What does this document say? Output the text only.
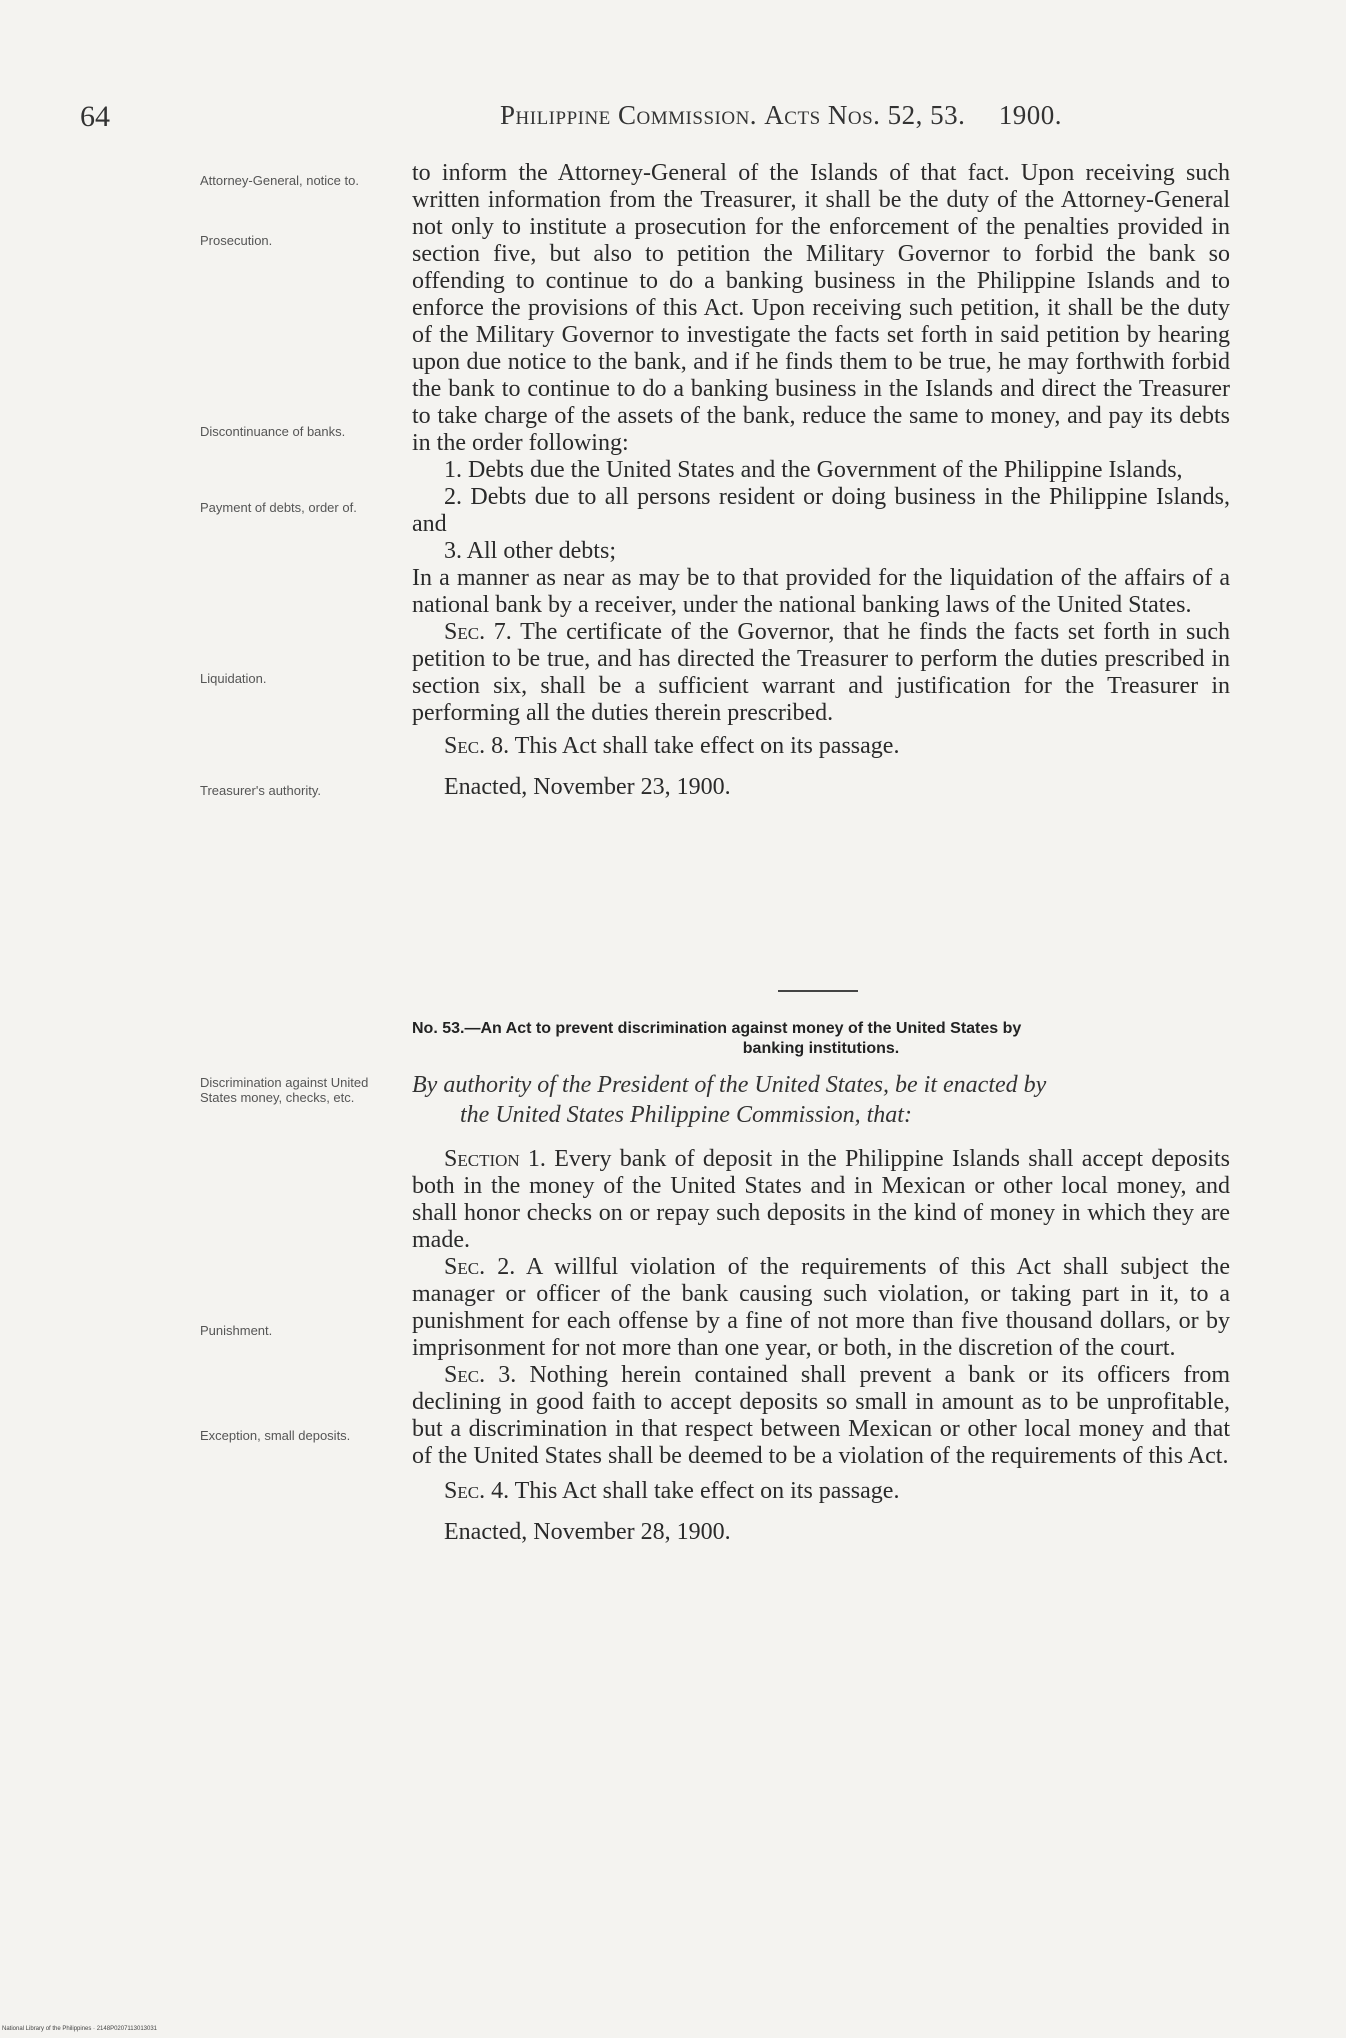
64	Philippine Commission. Acts Nos. 52, 53. 1900.
Attorney-General, notice to.
Prosecution.
Discontinuance of banks.
Payment of debts, order of.
Liquidation.
Treasurer's authority.

to inform the Attorney-General of the Islands of that fact. Upon receiving such written information from the Treasurer, it shall be the duty of the Attorney-General not only to institute a prosecution for the enforcement of the penalties provided in section five, but also to petition the Military Governor to forbid the bank so offending to continue to do a banking business in the Philippine Islands and to enforce the provisions of this Act. Upon receiving such petition, it shall be the duty of the Military Governor to investigate the facts set forth in said petition by hearing upon due notice to the bank, and if he finds them to be true, he may forthwith forbid the bank to continue to do a banking business in the Islands and direct the Treasurer to take charge of the assets of the bank, reduce the same to money, and pay its debts in the order following:

1. Debts due the United States and the Government of the Philippine Islands,

2. Debts due to all persons resident or doing business in the Philippine Islands, and

3. All other debts;

In a manner as near as may be to that provided for the liquidation of the affairs of a national bank by a receiver, under the national banking laws of the United States.

Sec. 7. The certificate of the Governor, that he finds the facts set forth in such petition to be true, and has directed the Treasurer to perform the duties prescribed in section six, shall be a sufficient warrant and justification for the Treasurer in performing all the duties therein prescribed.

Sec. 8. This Act shall take effect on its passage.

Enacted, November 23, 1900.

No. 53.—An Act to prevent discrimination against money of the United States by
banking institutions.
Discrimination against United States money, checks, etc.
Punishment.
Exception, small deposits.
By authority of the President of the United States, be it enacted by
the United States Philippine Commission, that:

Section 1. Every bank of deposit in the Philippine Islands shall accept deposits both in the money of the United States and in Mexican or other local money, and shall honor checks on or repay such deposits in the kind of money in which they are made.

Sec. 2. A willful violation of the requirements of this Act shall subject the manager or officer of the bank causing such violation, or taking part in it, to a punishment for each offense by a fine of not more than five thousand dollars, or by imprisonment for not more than one year, or both, in the discretion of the court.

Sec. 3. Nothing herein contained shall prevent a bank or its officers from declining in good faith to accept deposits so small in amount as to be unprofitable, but a discrimination in that respect between Mexican or other local money and that of the United States shall be deemed to be a violation of the requirements of this Act.

Sec. 4. This Act shall take effect on its passage.

Enacted, November 28, 1900.

National Library of the Philippines · 2148P0207113013031
